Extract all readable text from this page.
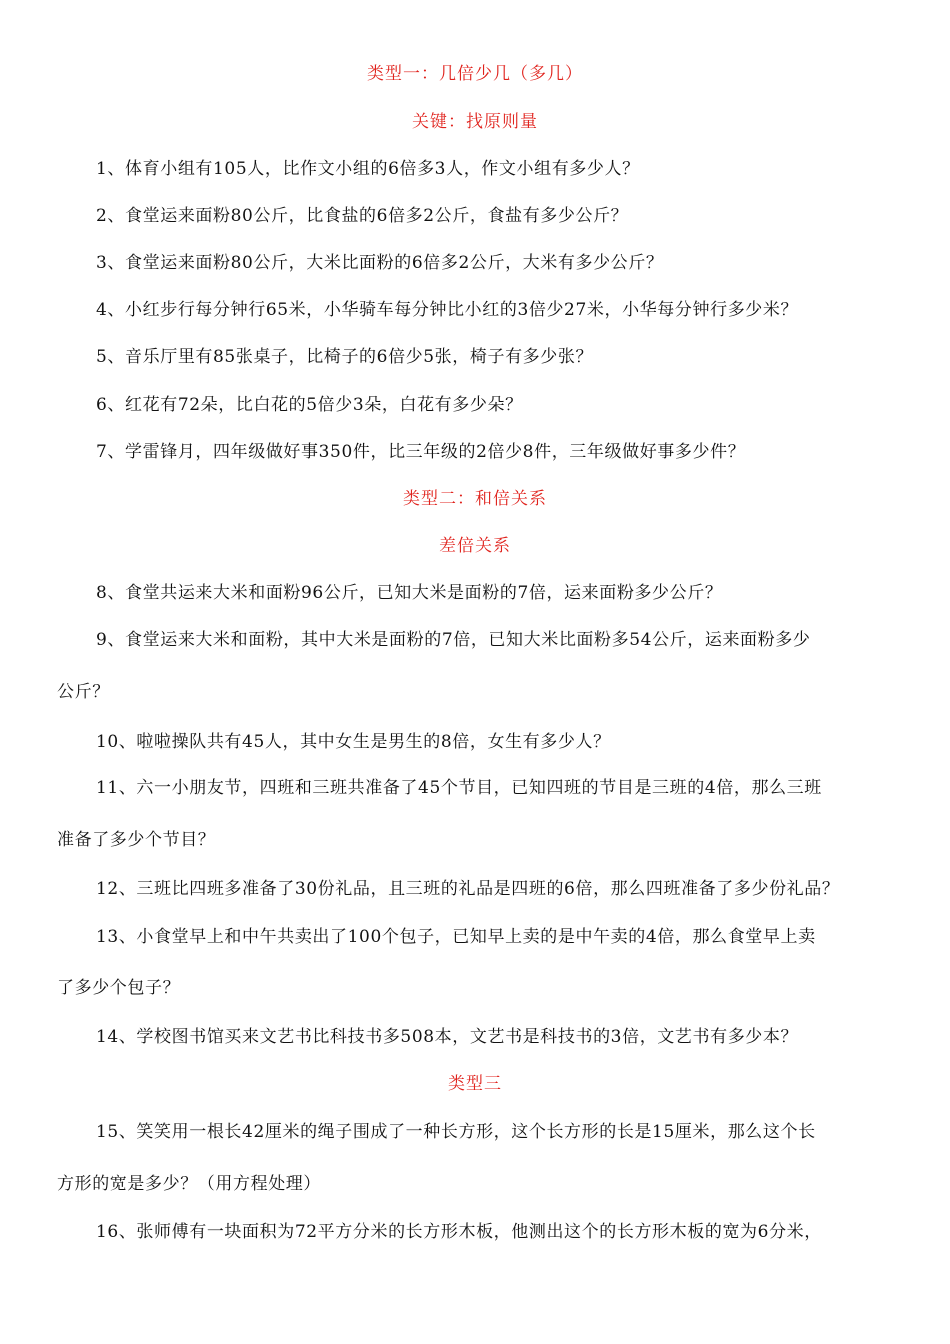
类型一：几倍少几（多几）
关键：找原则量
1、体育小组有105人，比作文小组的6倍多3人，作文小组有多少人？
2、食堂运来面粉80公斤，比食盐的6倍多2公斤，食盐有多少公斤？
3、食堂运来面粉80公斤，大米比面粉的6倍多2公斤，大米有多少公斤？
4、小红步行每分钟行65米，小华骑车每分钟比小红的3倍少27米，小华每分钟行多少米？
5、音乐厅里有85张桌子，比椅子的6倍少5张，椅子有多少张？
6、红花有72朵，比白花的5倍少3朵，白花有多少朵？
7、学雷锋月，四年级做好事350件，比三年级的2倍少8件，三年级做好事多少件？
类型二：和倍关系
差倍关系
8、食堂共运来大米和面粉96公斤，已知大米是面粉的7倍，运来面粉多少公斤？
9、食堂运来大米和面粉，其中大米是面粉的7倍，已知大米比面粉多54公斤，运来面粉多少
公斤？
10、啦啦操队共有45人，其中女生是男生的8倍，女生有多少人？
11、六一小朋友节，四班和三班共准备了45个节目，已知四班的节目是三班的4倍，那么三班
准备了多少个节目？
12、三班比四班多准备了30份礼品，且三班的礼品是四班的6倍，那么四班准备了多少份礼品？
13、小食堂早上和中午共卖出了100个包子，已知早上卖的是中午卖的4倍，那么食堂早上卖
了多少个包子？
14、学校图书馆买来文艺书比科技书多508本，文艺书是科技书的3倍，文艺书有多少本？
类型三
15、笑笑用一根长42厘米的绳子围成了一种长方形，这个长方形的长是15厘米，那么这个长
方形的宽是多少？（用方程处理）
16、张师傅有一块面积为72平方分米的长方形木板，他测出这个的长方形木板的宽为6分米，
